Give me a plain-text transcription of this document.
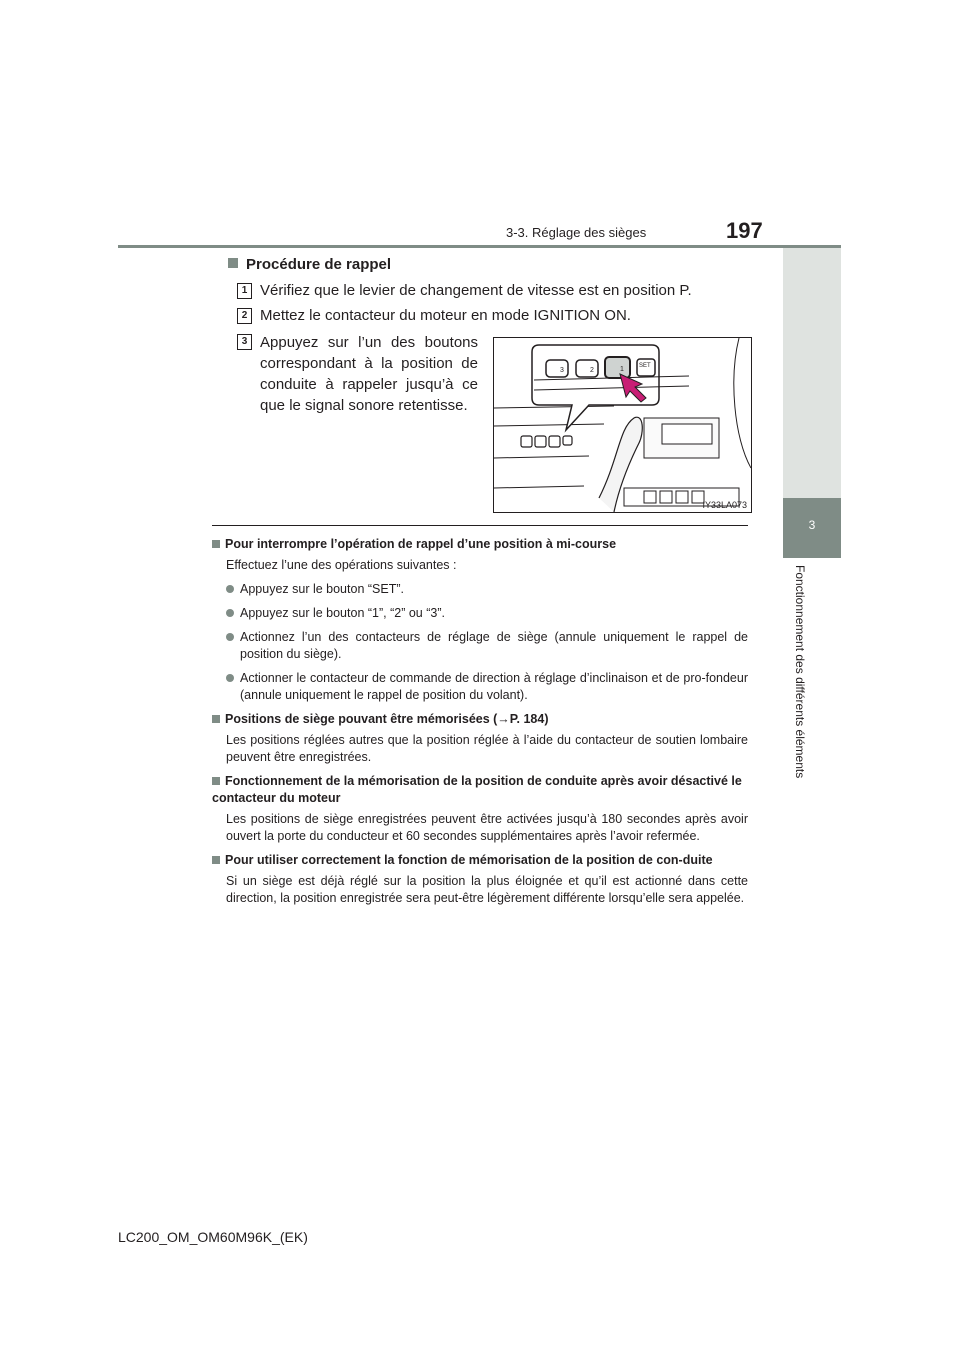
3-3. Réglage des sièges	197
3
Fonctionnement des différents éléments
Procédure de rappel
1 Vérifiez que le levier de changement de vitesse est en position P.
2 Mettez le contacteur du moteur en mode IGNITION ON.
3 Appuyez sur l’un des boutons correspondant à la position de conduite à rappeler jusqu’à ce que le signal sonore retentisse.
3	2	1	SET
IY33LA073

Pour interrompre l’opération de rappel d’une position à mi-course

Effectuez l’une des opérations suivantes :

Appuyez sur le bouton “SET”.

Appuyez sur le bouton “1”, “2” ou “3”.

Actionnez l’un des contacteurs de réglage de siège (annule uniquement le rappel de position du siège).

Actionner le contacteur de commande de direction à réglage d’inclinaison et de pro-fondeur (annule uniquement le rappel de position du volant).

Positions de siège pouvant être mémorisées (→P. 184)

Les positions réglées autres que la position réglée à l’aide du contacteur de soutien lombaire peuvent être enregistrées.

Fonctionnement de la mémorisation de la position de conduite après avoir désactivé le contacteur du moteur

Les positions de siège enregistrées peuvent être activées jusqu’à 180 secondes après avoir ouvert la porte du conducteur et 60 secondes supplémentaires après l’avoir refermée.

Pour utiliser correctement la fonction de mémorisation de la position de con-duite

Si un siège est déjà réglé sur la position la plus éloignée et qu’il est actionné dans cette direction, la position enregistrée sera peut-être légèrement différente lorsqu’elle sera appelée.

LC200_OM_OM60M96K_(EK)
